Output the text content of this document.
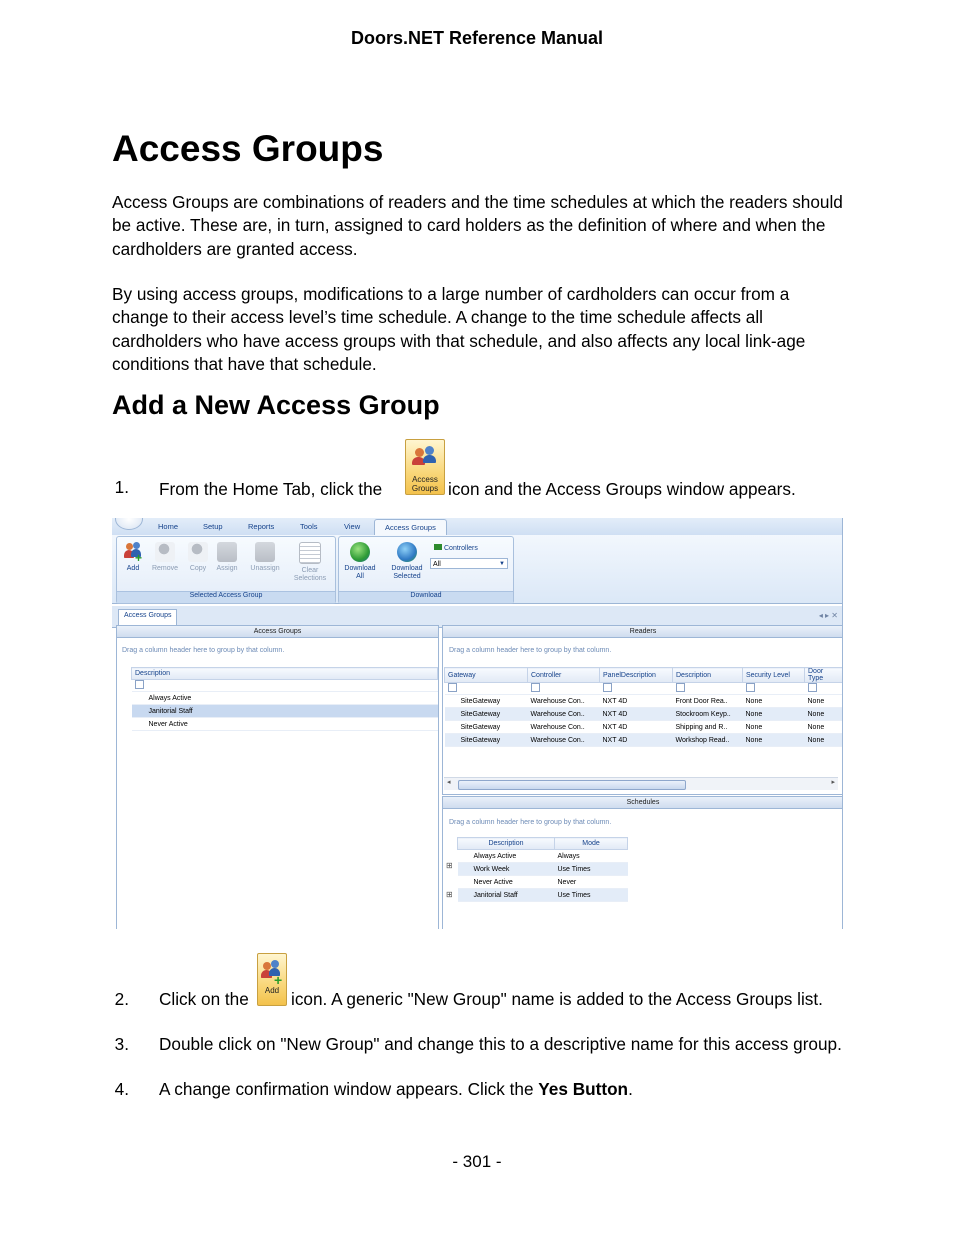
Doors.NET Reference Manual
Access Groups

Access Groups are combinations of readers and the time schedules at which the readers should be active. These are, in turn, assigned to card holders as the definition of where and when the cardholders are granted access.

By using access groups, modifications to a large number of cardholders can occur from a change to their access level’s time schedule. A change to the time schedule affects all cardholders who have access groups with that schedule, and also affects any local link-age conditions that have that schedule.

Add a New Access Group
1. From the Home Tab, click the	Access Groups icon and the Access Groups window appears.
Home	Setup	Reports	Tools	View	Access Groups
+
Add	Remove	Copy	Assign	Unassign	Clear Selections
Selected Access Group
Download All
Download Selected
Controllers
All	▼
Download
Access Groups	◂ ▸ ✕
Access Groups
Drag a column header here to group by that column.
Description

Always Active
Janitorial Staff
Never Active
Readers
Drag a column header here to group by that column.
Gateway	Controller	PanelDescription	Description	Security Level	Door Type

SiteGateway	Warehouse Con..	NXT 4D	Front Door Rea..	None	None
SiteGateway	Warehouse Con..	NXT 4D	Stockroom Keyp..	None	None
SiteGateway	Warehouse Con..	NXT 4D	Shipping and R..	None	None
SiteGateway	Warehouse Con..	NXT 4D	Workshop Read..	None	None
◂	▸
Schedules
Drag a column header here to group by that column.
Description	Mode
Always Active	Always
Work Week	Use Times
Never Active	Never
Janitorial Staff	Use Times
⊞
⊞
2. Click on the
+
Add icon. A generic "New Group" name is added to the Access Groups list.
3. Double click on "New Group" and change this to a descriptive name for this access group.
4. A change confirmation window appears. Click the Yes Button.
- 301 -
